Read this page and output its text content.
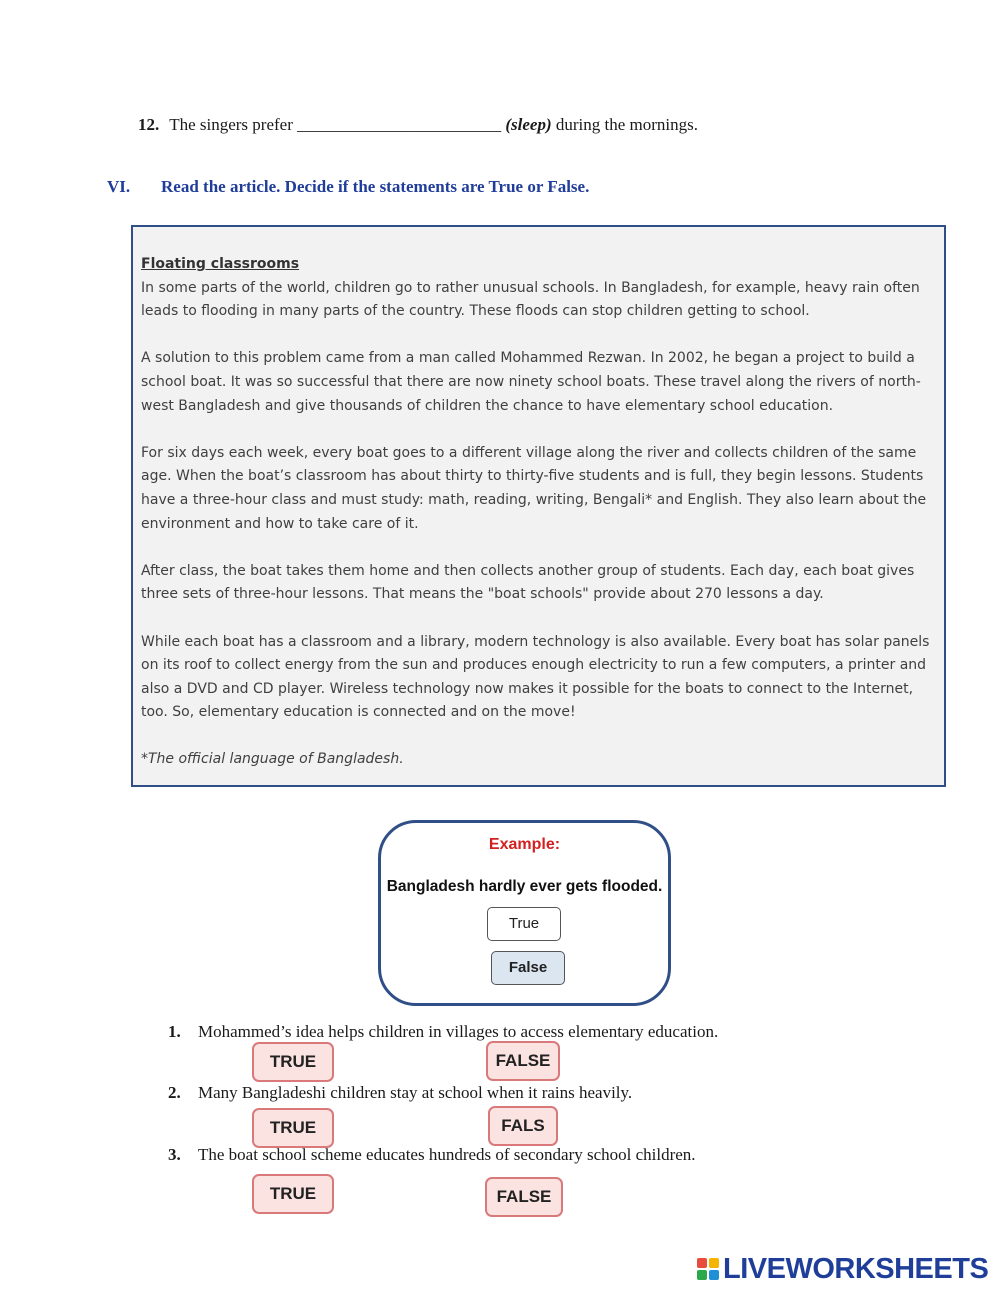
12. The singers prefer ________________________ (sleep) during the mornings.
VI. Read the article. Decide if the statements are True or False.
Floating classrooms

In some parts of the world, children go to rather unusual schools. In Bangladesh, for example, heavy rain often leads to flooding in many parts of the country. These floods can stop children getting to school.

A solution to this problem came from a man called Mohammed Rezwan. In 2002, he began a project to build a school boat. It was so successful that there are now ninety school boats. These travel along the rivers of north-west Bangladesh and give thousands of children the chance to have elementary school education.

For six days each week, every boat goes to a different village along the river and collects children of the same age. When the boat’s classroom has about thirty to thirty-five students and is full, they begin lessons. Students have a three-hour class and must study: math, reading, writing, Bengali* and English. They also learn about the environment and how to take care of it.

After class, the boat takes them home and then collects another group of students. Each day, each boat gives three sets of three-hour lessons. That means the "boat schools" provide about 270 lessons a day.

While each boat has a classroom and a library, modern technology is also available. Every boat has solar panels on its roof to collect energy from the sun and produces enough electricity to run a few computers, a printer and also a DVD and CD player. Wireless technology now makes it possible for the boats to connect to the Internet, too. So, elementary education is connected and on the move!

*The official language of Bangladesh.
Example:
Bangladesh hardly ever gets flooded.
True
False
1. Mohammed’s idea helps children in villages to access elementary education.
TRUE	FALSE
2. Many Bangladeshi children stay at school when it rains heavily.
TRUE	FALS
3. The boat school scheme educates hundreds of secondary school children.
TRUE	FALSE
LIVEWORKSHEETS
